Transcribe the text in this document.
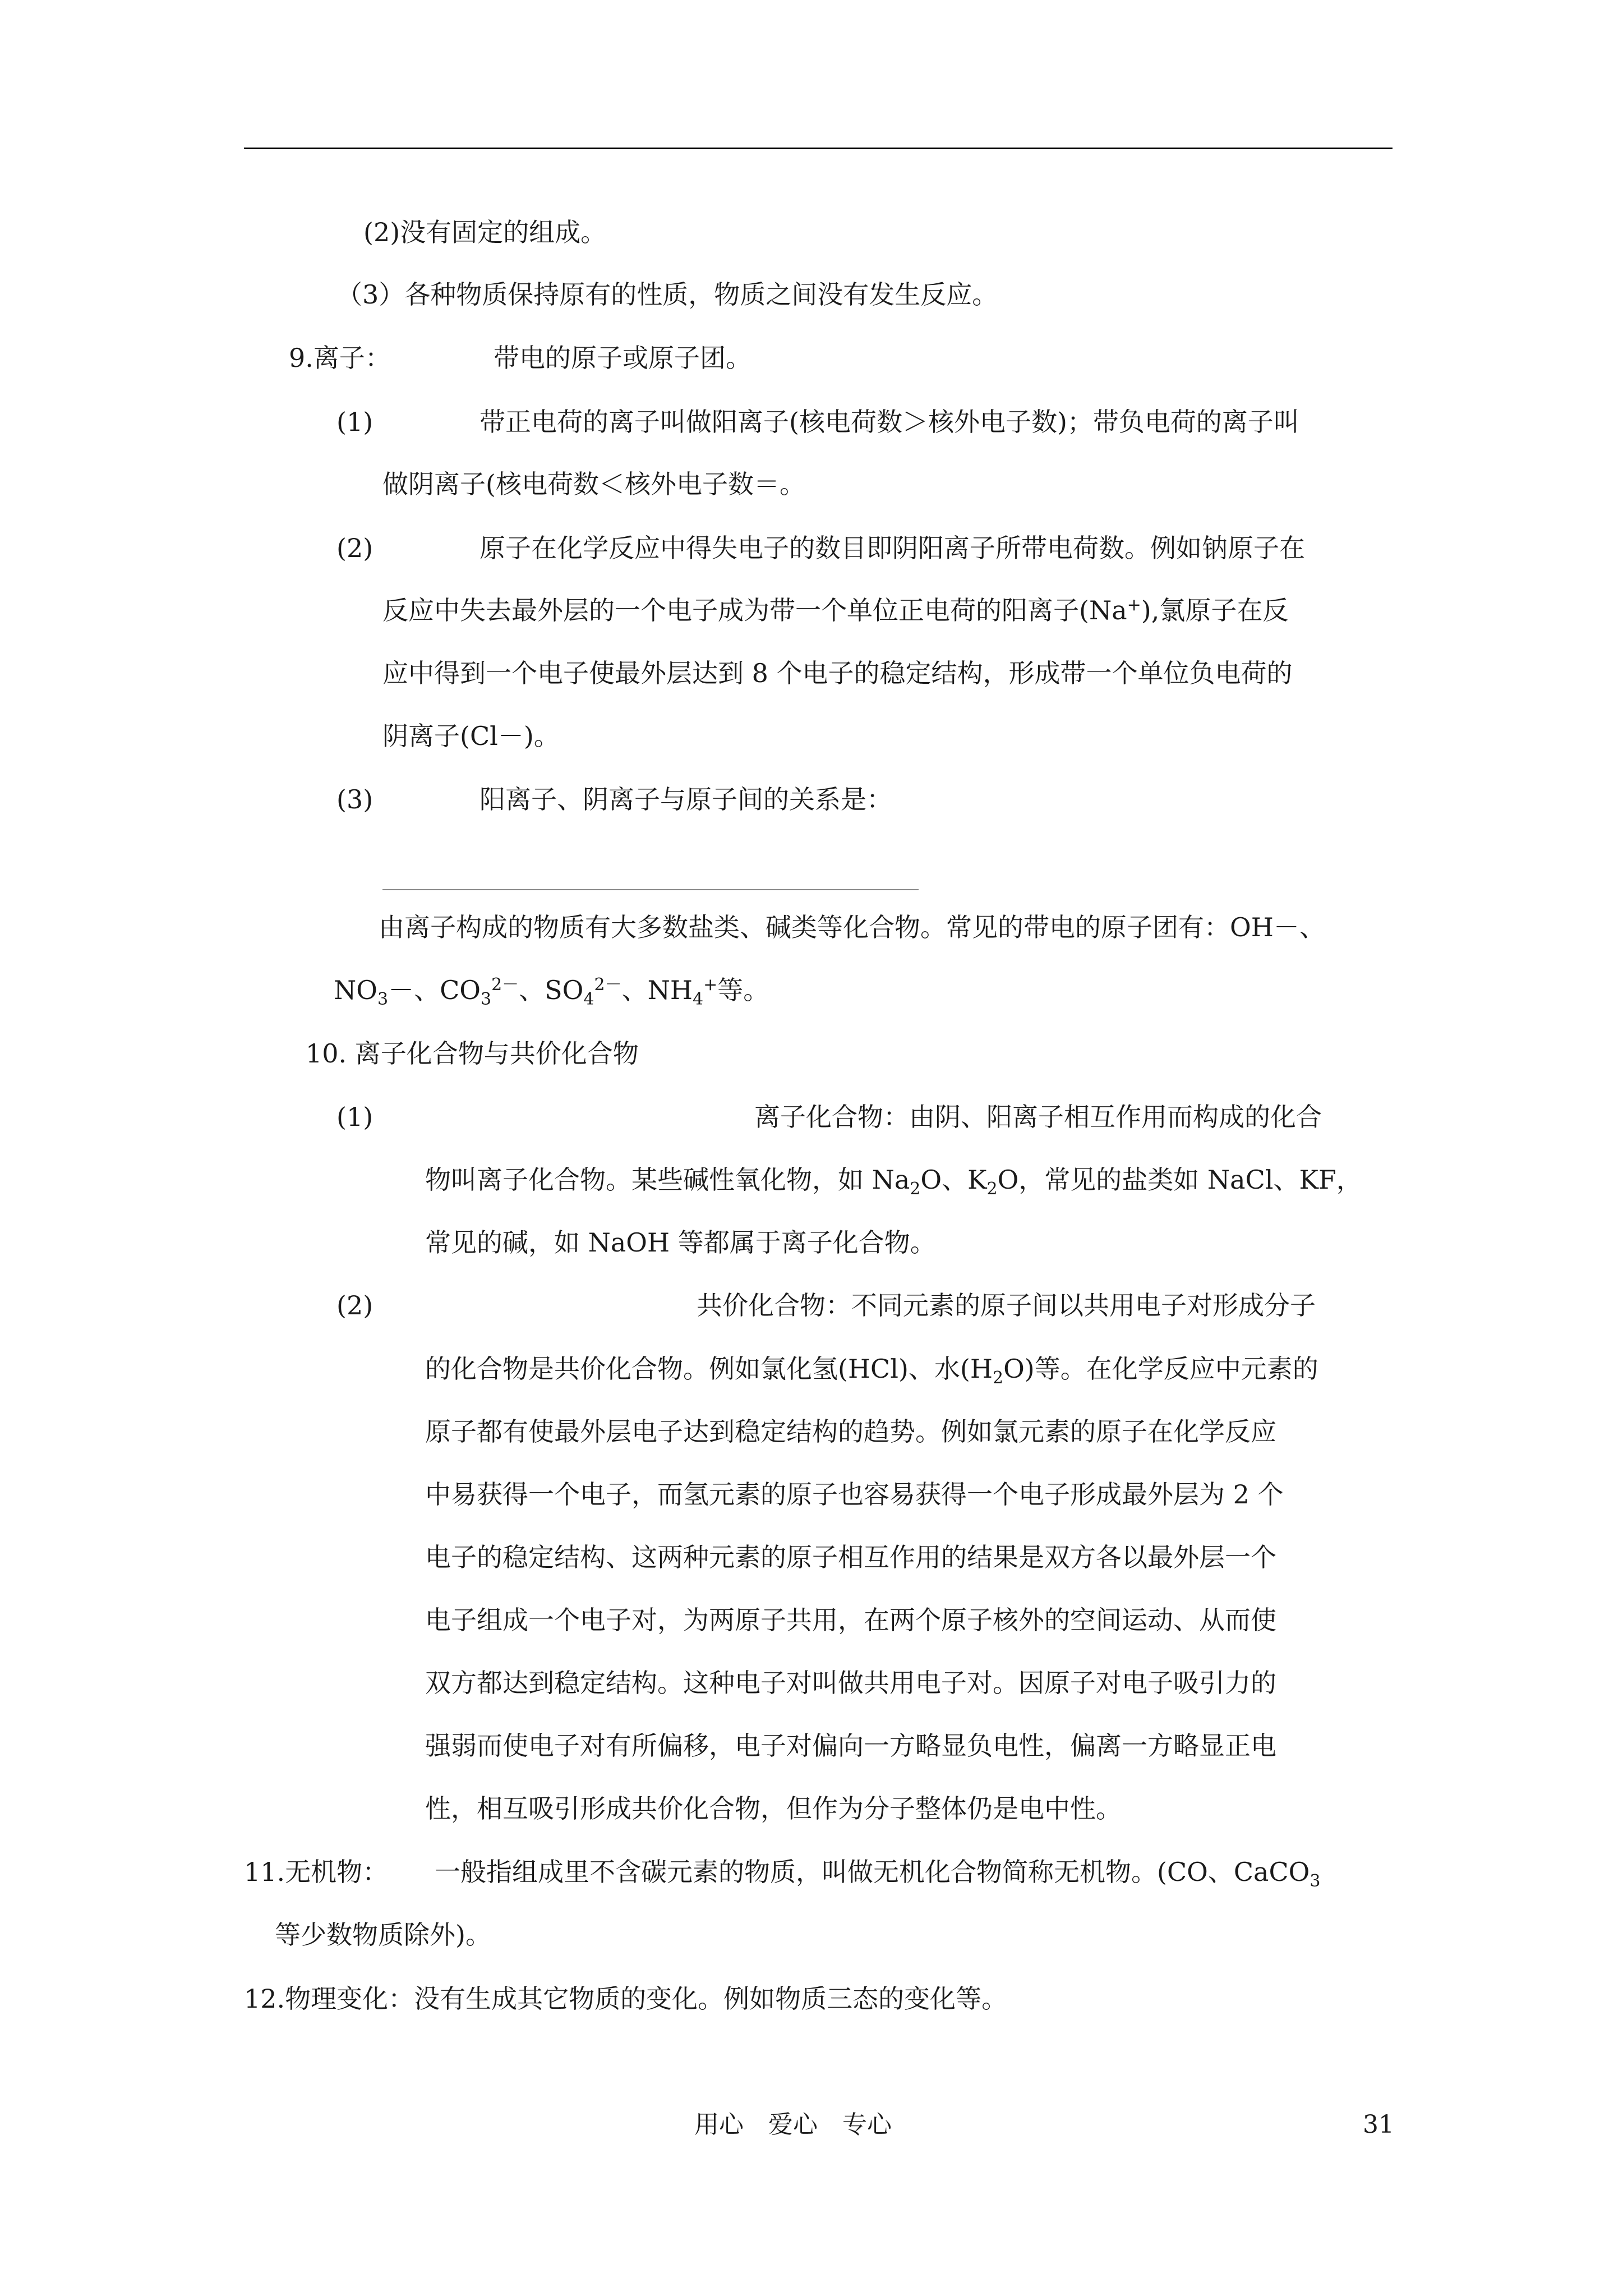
(2)没有固定的组成。
（3）各种物质保持原有的性质，物质之间没有发生反应。
9.离子：	带电的原子或原子团。
(1)	带正电荷的离子叫做阳离子(核电荷数＞核外电子数)；带负电荷的离子叫
做阴离子(核电荷数＜核外电子数＝。
(2)	原子在化学反应中得失电子的数目即阴阳离子所带电荷数。例如钠原子在
反应中失去最外层的一个电子成为带一个单位正电荷的阳离子(Na+),氯原子在反
应中得到一个电子使最外层达到 8 个电子的稳定结构，形成带一个单位负电荷的
阴离子(Cl－)。
(3)	阳离子、阴离子与原子间的关系是：
由离子构成的物质有大多数盐类、碱类等化合物。常见的带电的原子团有：OH－、
$NO_3-$、$CO_3^{2-}$、$SO_4^{2-}$、$NH_4^+$等。
10. 离子化合物与共价化合物
(1)	离子化合物：由阴、阳离子相互作用而构成的化合
物叫离子化合物。某些碱性氧化物，如 $Na_2O$、$K_2O$，常见的盐类如 NaCl、KF，
常见的碱，如 NaOH 等都属于离子化合物。
(2)	共价化合物：不同元素的原子间以共用电子对形成分子
的化合物是共价化合物。例如氯化氢(HCl)、水$(H_2O)$等。在化学反应中元素的
原子都有使最外层电子达到稳定结构的趋势。例如氯元素的原子在化学反应
中易获得一个电子，而氢元素的原子也容易获得一个电子形成最外层为 2 个
电子的稳定结构、这两种元素的原子相互作用的结果是双方各以最外层一个
电子组成一个电子对，为两原子共用，在两个原子核外的空间运动、从而使
双方都达到稳定结构。这种电子对叫做共用电子对。因原子对电子吸引力的
强弱而使电子对有所偏移，电子对偏向一方略显负电性，偏离一方略显正电
性，相互吸引形成共价化合物，但作为分子整体仍是电中性。
11.无机物： 一般指组成里不含碳元素的物质，叫做无机化合物简称无机物。(CO、CaCO$_3$
等少数物质除外)。
12.物理变化：没有生成其它物质的变化。例如物质三态的变化等。
用心　爱心　专心	31
